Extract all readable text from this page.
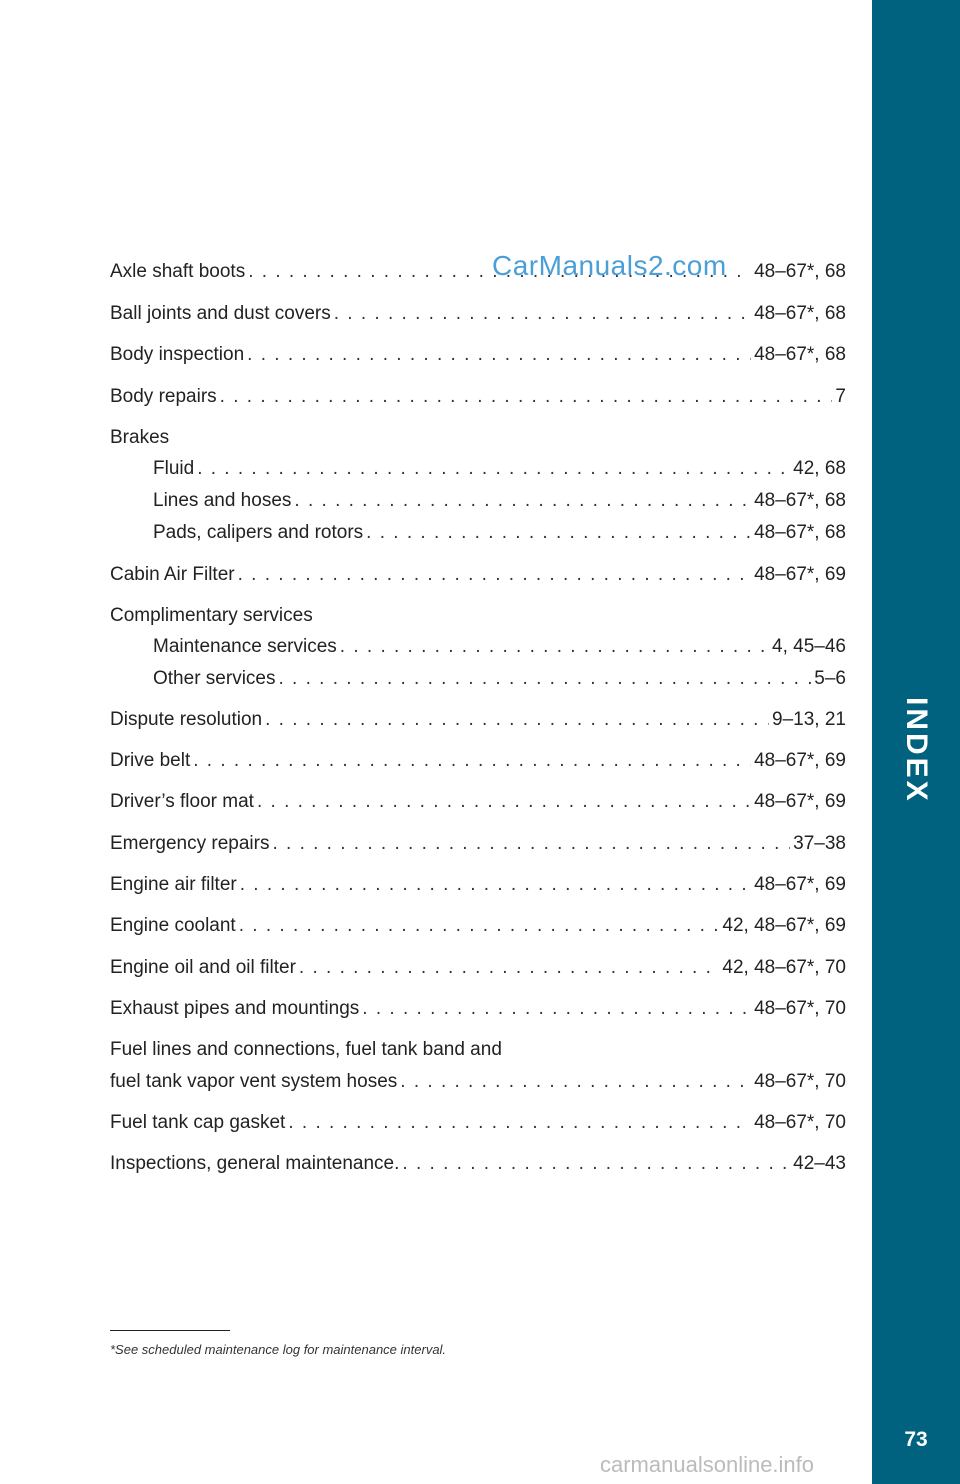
INDEX
73
Axle shaft boots . . .	48–67*, 68
Ball joints and dust covers . . .	48–67*, 68
Body inspection . . .	48–67*, 68
Body repairs . . .	7
Brakes
Fluid . . .	42, 68
Lines and hoses . . .	48–67*, 68
Pads, calipers and rotors . . .	48–67*, 68
Cabin Air Filter . . .	48–67*, 69
Complimentary services
Maintenance services . . .	4, 45–46
Other services . . .	5–6
Dispute resolution . . .	9–13, 21
Drive belt . . .	48–67*, 69
Driver’s floor mat . . .	48–67*, 69
Emergency repairs . . .	37–38
Engine air filter . . .	48–67*, 69
Engine coolant . . .	42, 48–67*, 69
Engine oil and oil filter . . .	42, 48–67*, 70
Exhaust pipes and mountings . . .	48–67*, 70
Fuel lines and connections, fuel tank band and
fuel tank vapor vent system hoses . . .	48–67*, 70
Fuel tank cap gasket . . .	48–67*, 70
Inspections, general maintenance. . . .	42–43
*See scheduled maintenance log for maintenance interval.
CarManuals2.com
carmanualsonline.info
